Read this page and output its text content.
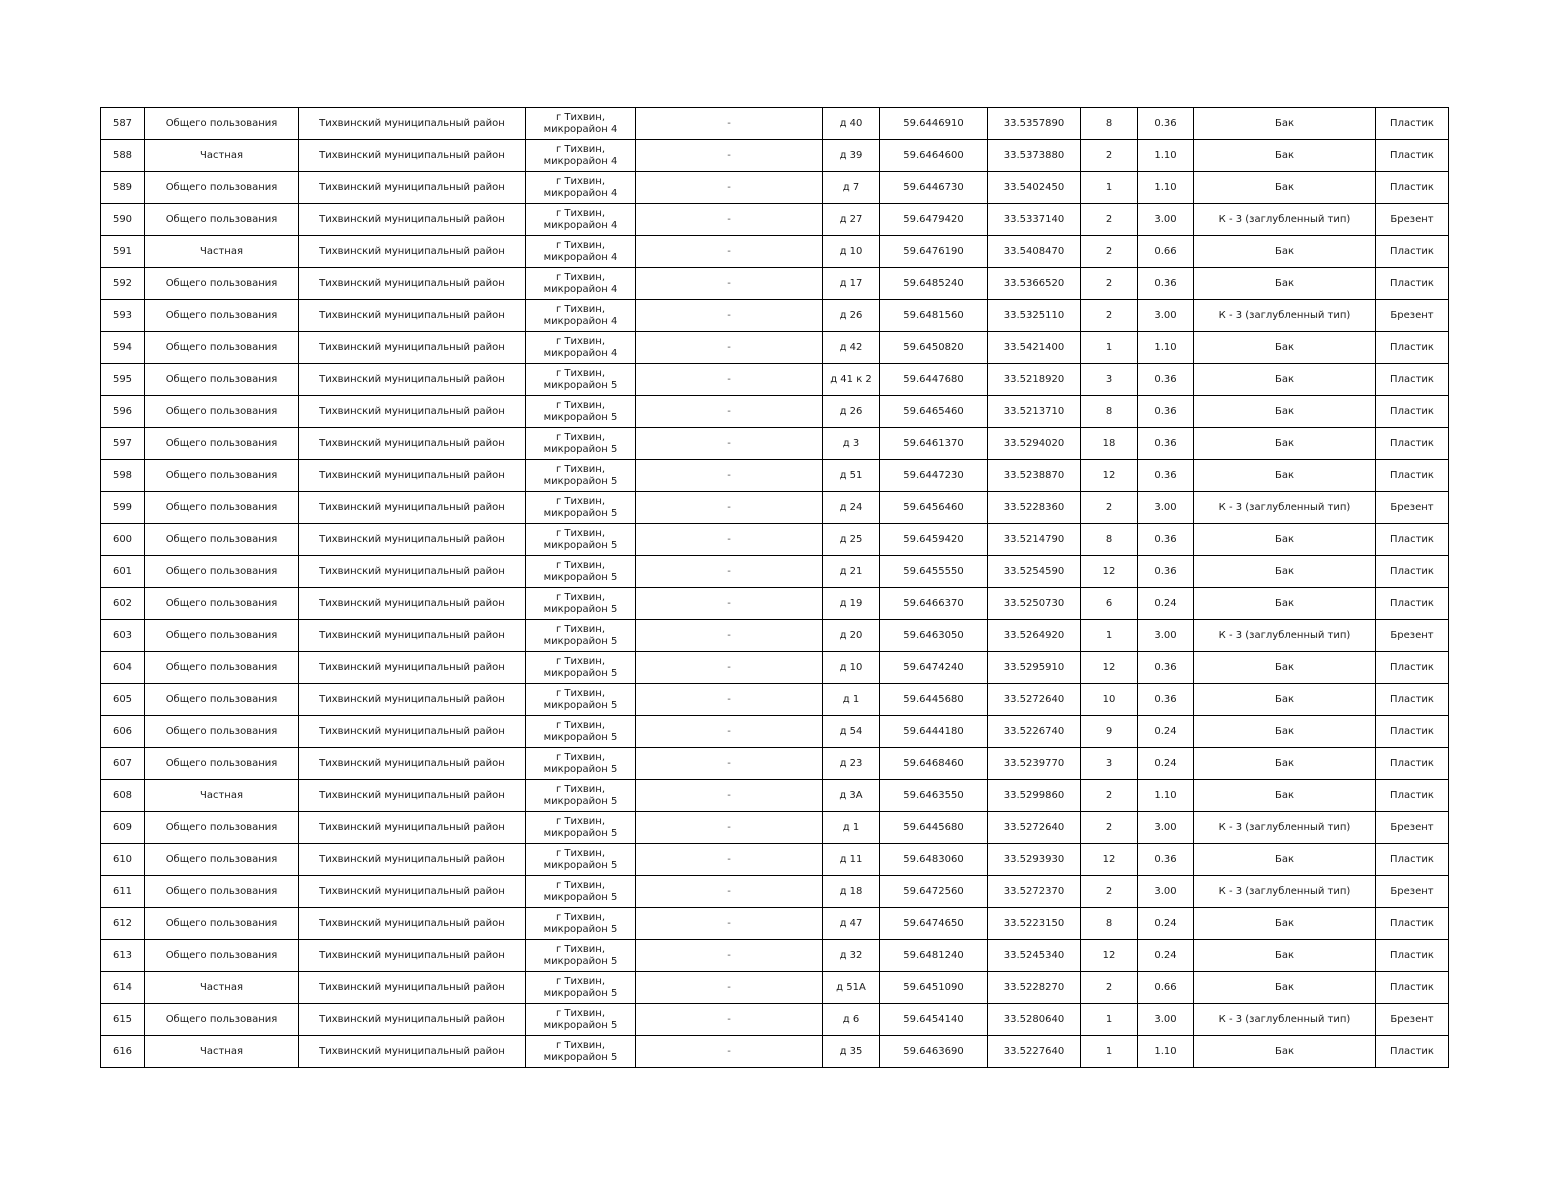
587	Общего пользования	Тихвинский муниципальный район	г Тихвин, микрорайон 4	-	д 40	59.6446910	33.5357890	8	0.36	Бак	Пластик
588	Частная	Тихвинский муниципальный район	г Тихвин, микрорайон 4	-	д 39	59.6464600	33.5373880	2	1.10	Бак	Пластик
589	Общего пользования	Тихвинский муниципальный район	г Тихвин, микрорайон 4	-	д 7	59.6446730	33.5402450	1	1.10	Бак	Пластик
590	Общего пользования	Тихвинский муниципальный район	г Тихвин, микрорайон 4	-	д 27	59.6479420	33.5337140	2	3.00	К - 3 (заглубленный тип)	Брезент
591	Частная	Тихвинский муниципальный район	г Тихвин, микрорайон 4	-	д 10	59.6476190	33.5408470	2	0.66	Бак	Пластик
592	Общего пользования	Тихвинский муниципальный район	г Тихвин, микрорайон 4	-	д 17	59.6485240	33.5366520	2	0.36	Бак	Пластик
593	Общего пользования	Тихвинский муниципальный район	г Тихвин, микрорайон 4	-	д 26	59.6481560	33.5325110	2	3.00	К - 3 (заглубленный тип)	Брезент
594	Общего пользования	Тихвинский муниципальный район	г Тихвин, микрорайон 4	-	д 42	59.6450820	33.5421400	1	1.10	Бак	Пластик
595	Общего пользования	Тихвинский муниципальный район	г Тихвин, микрорайон 5	-	д 41 к 2	59.6447680	33.5218920	3	0.36	Бак	Пластик
596	Общего пользования	Тихвинский муниципальный район	г Тихвин, микрорайон 5	-	д 26	59.6465460	33.5213710	8	0.36	Бак	Пластик
597	Общего пользования	Тихвинский муниципальный район	г Тихвин, микрорайон 5	-	д 3	59.6461370	33.5294020	18	0.36	Бак	Пластик
598	Общего пользования	Тихвинский муниципальный район	г Тихвин, микрорайон 5	-	д 51	59.6447230	33.5238870	12	0.36	Бак	Пластик
599	Общего пользования	Тихвинский муниципальный район	г Тихвин, микрорайон 5	-	д 24	59.6456460	33.5228360	2	3.00	К - 3 (заглубленный тип)	Брезент
600	Общего пользования	Тихвинский муниципальный район	г Тихвин, микрорайон 5	-	д 25	59.6459420	33.5214790	8	0.36	Бак	Пластик
601	Общего пользования	Тихвинский муниципальный район	г Тихвин, микрорайон 5	-	д 21	59.6455550	33.5254590	12	0.36	Бак	Пластик
602	Общего пользования	Тихвинский муниципальный район	г Тихвин, микрорайон 5	-	д 19	59.6466370	33.5250730	6	0.24	Бак	Пластик
603	Общего пользования	Тихвинский муниципальный район	г Тихвин, микрорайон 5	-	д 20	59.6463050	33.5264920	1	3.00	К - 3 (заглубленный тип)	Брезент
604	Общего пользования	Тихвинский муниципальный район	г Тихвин, микрорайон 5	-	д 10	59.6474240	33.5295910	12	0.36	Бак	Пластик
605	Общего пользования	Тихвинский муниципальный район	г Тихвин, микрорайон 5	-	д 1	59.6445680	33.5272640	10	0.36	Бак	Пластик
606	Общего пользования	Тихвинский муниципальный район	г Тихвин, микрорайон 5	-	д 54	59.6444180	33.5226740	9	0.24	Бак	Пластик
607	Общего пользования	Тихвинский муниципальный район	г Тихвин, микрорайон 5	-	д 23	59.6468460	33.5239770	3	0.24	Бак	Пластик
608	Частная	Тихвинский муниципальный район	г Тихвин, микрорайон 5	-	д 3А	59.6463550	33.5299860	2	1.10	Бак	Пластик
609	Общего пользования	Тихвинский муниципальный район	г Тихвин, микрорайон 5	-	д 1	59.6445680	33.5272640	2	3.00	К - 3 (заглубленный тип)	Брезент
610	Общего пользования	Тихвинский муниципальный район	г Тихвин, микрорайон 5	-	д 11	59.6483060	33.5293930	12	0.36	Бак	Пластик
611	Общего пользования	Тихвинский муниципальный район	г Тихвин, микрорайон 5	-	д 18	59.6472560	33.5272370	2	3.00	К - 3 (заглубленный тип)	Брезент
612	Общего пользования	Тихвинский муниципальный район	г Тихвин, микрорайон 5	-	д 47	59.6474650	33.5223150	8	0.24	Бак	Пластик
613	Общего пользования	Тихвинский муниципальный район	г Тихвин, микрорайон 5	-	д 32	59.6481240	33.5245340	12	0.24	Бак	Пластик
614	Частная	Тихвинский муниципальный район	г Тихвин, микрорайон 5	-	д 51А	59.6451090	33.5228270	2	0.66	Бак	Пластик
615	Общего пользования	Тихвинский муниципальный район	г Тихвин, микрорайон 5	-	д 6	59.6454140	33.5280640	1	3.00	К - 3 (заглубленный тип)	Брезент
616	Частная	Тихвинский муниципальный район	г Тихвин, микрорайон 5	-	д 35	59.6463690	33.5227640	1	1.10	Бак	Пластик
